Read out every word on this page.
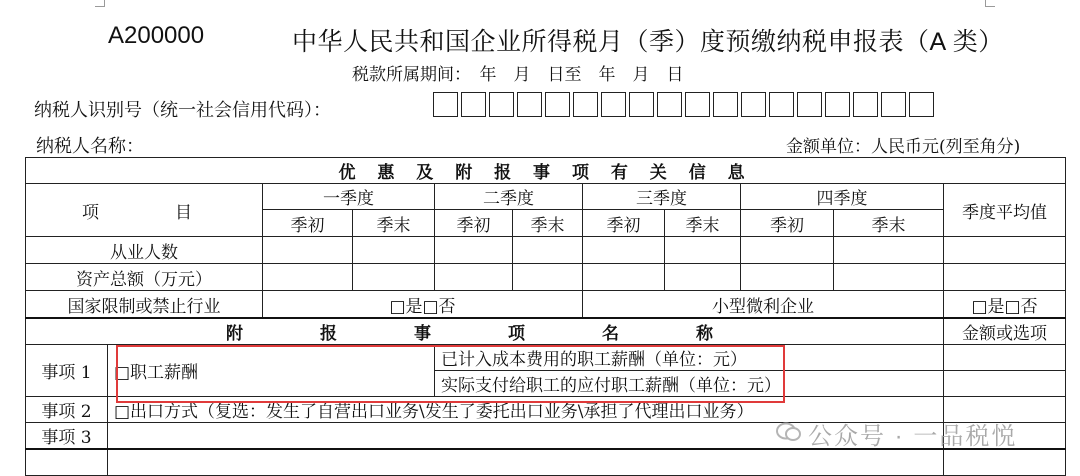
A200000	中华人民共和国企业所得税月（季）度预缴纳税申报表（A 类）
税款所属期间：　年　月　日至　年　月　日
纳税人识别号（统一社会信用代码）：
纳税人名称：	金额单位：人民币元(列至角分)
优 惠 及 附 报 事 项 有 关 信 息										
项　　目		一季度		二季度		三季度		四季度		季度平均值
		季初	季末	季初	季末	季初	季末	季初	季末	
从业人数										
资产总额（万元）										
国家限制或禁止行业		□是□否				小型微利企业				□是□否
附　报　事　项　名　称										金额或选项
事项 1	□职工薪酬			已计入成本费用的职工薪酬（单位：元）						
				实际支付给职工的应付职工薪酬（单位：元）						
事项 2	□出口方式（复选：发生了自营出口业务\发生了委托出口业务\承担了代理出口业务）									
事项 3										
			公众号 · 一品税悦
